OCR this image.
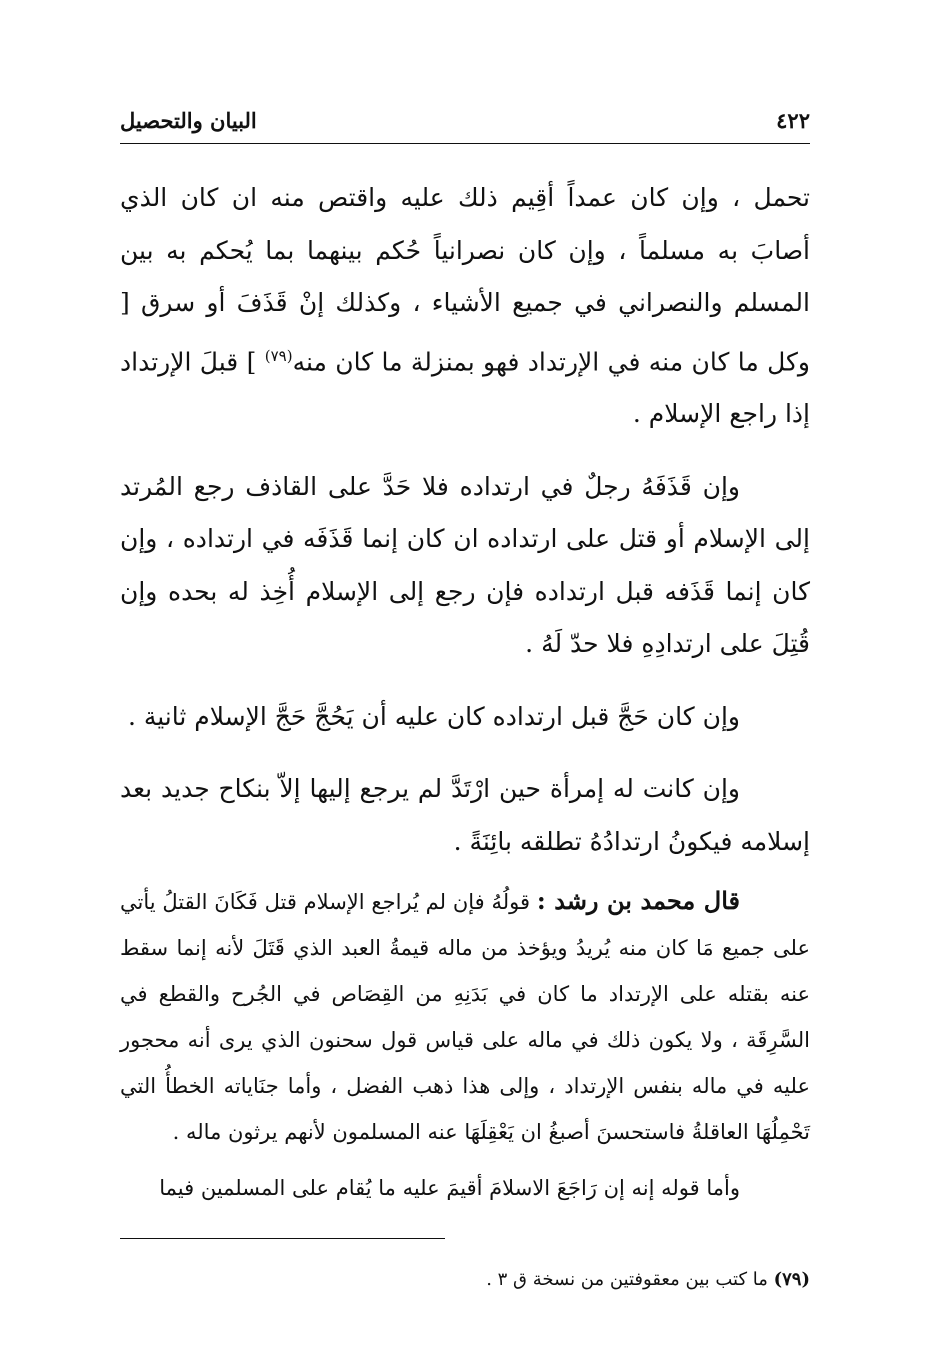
٤٢٢
البيان والتحصيل

تحمل ، وإن كان عمداً أقِيم ذلك عليه واقتص منه ان كان الذي أصابَ به مسلماً ، وإن كان نصرانياً حُكم بينهما بما يُحكم به بين المسلم والنصراني في جميع الأشياء ، وكذلك إنْ قَذَفَ أو سرق [ وكل ما كان منه في الإرتداد فهو بمنزلة ما كان منه$^{(٧٩)}$ ] قبلَ الإرتداد إذا راجع الإسلام .

وإن قَذَفَهُ رجلٌ في ارتداده فلا حَدَّ على القاذف رجع المُرتد إلى الإسلام أو قتل على ارتداده ان كان إنما قَذَفَه في ارتداده ، وإن كان إنما قَذَفه قبل ارتداده فإن رجع إلى الإسلام أُخِذ له بحده وإن قُتِلَ على ارتدادِهِ فلا حدّ لَهُ .

وإن كان حَجَّ قبل ارتداده كان عليه أن يَحُجَّ حَجَّ الإسلام ثانية .

وإن كانت له إمرأة حين ارْتَدَّ لم يرجع إليها إلاّ بنكاح جديد بعد إسلامه فيكونُ ارتدادُهُ تطلقه بائِنَةً .

قال محمد بن رشد : قولُهُ فإن لم يُراجع الإسلام قتل فَكَانَ القتلُ يأتي على جميع مَا كان منه يُريدُ ويؤخذ من ماله قيمةُ العبد الذي قَتَلَ لأنه إنما سقط عنه بقتله على الإرتداد ما كان في بَدَنِهِ من القِصَاص في الجُرح والقطع في السَّرِقَة ، ولا يكون ذلك في ماله على قياس قول سحنون الذي يرى أنه محجور عليه في ماله بنفس الإرتداد ، وإلى هذا ذهب الفضل ، وأما جنَاياته الخطأُ التي تَحْمِلُهَا العاقلةُ فاستحسنَ أصبغُ ان يَعْقِلَهَا عنه المسلمون لأنهم يرثون ماله .

وأما قوله إنه إن رَاجَعَ الاسلامَ أقيمَ عليه ما يُقام على المسلمين فيما

(٧٩) ما كتب بين معقوفتين من نسخة ق ٣ .
